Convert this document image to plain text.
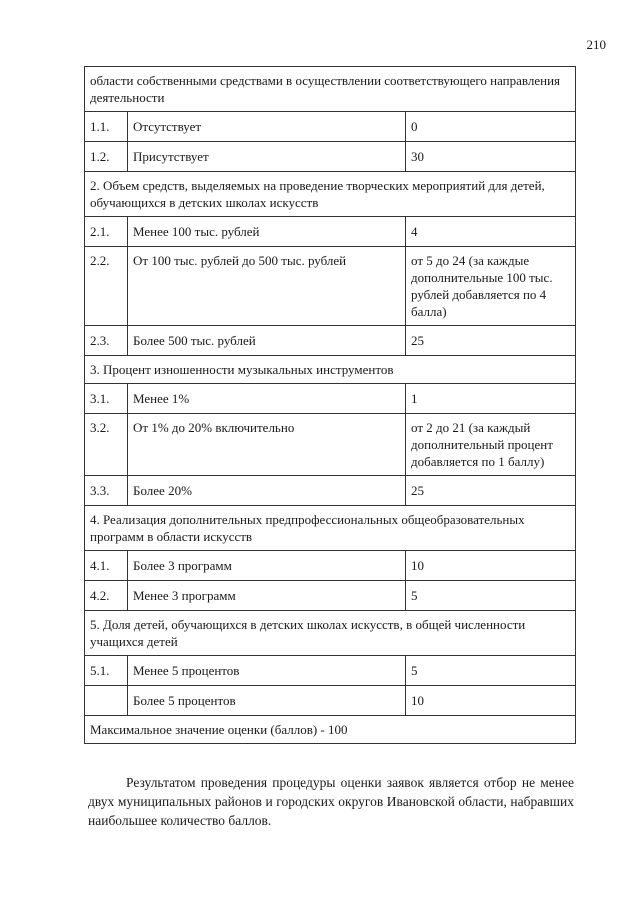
210

области собственными средствами в осуществлении соответствующего направления деятельности		
1.1.	Отсутствует	0
1.2.	Присутствует	30
2. Объем средств, выделяемых на проведение творческих мероприятий для детей, обучающихся в детских школах искусств		
2.1.	Менее 100 тыс. рублей	4
2.2.	От 100 тыс. рублей до 500 тыс. рублей	от 5 до 24 (за каждые дополнительные 100 тыс. рублей добавляется по 4 балла)
2.3.	Более 500 тыс. рублей	25
3. Процент изношенности музыкальных инструментов		
3.1.	Менее 1%	1
3.2.	От 1% до 20% включительно	от 2 до 21 (за каждый дополнительный процент добавляется по 1 баллу)
3.3.	Более 20%	25
4. Реализация дополнительных предпрофессиональных общеобразовательных программ в области искусств		
4.1.	Более 3 программ	10
4.2.	Менее 3 программ	5
5. Доля детей, обучающихся в детских школах искусств, в общей численности учащихся детей		
5.1.	Менее 5 процентов	5
	Более 5 процентов	10
Максимальное значение оценки (баллов) - 100		

Результатом проведения процедуры оценки заявок является отбор не менее двух муниципальных районов и городских округов Ивановской области, набравших наибольшее количество баллов.
